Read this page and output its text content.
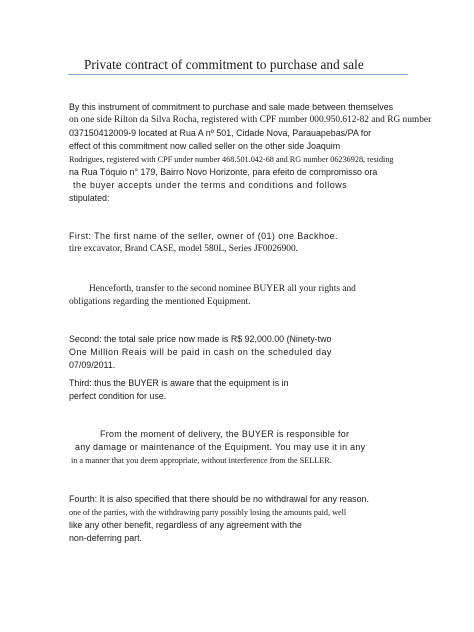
Private contract of commitment to purchase and sale
By this instrument of commitment to purchase and sale made between themselves
on one side Rilton da Silva Rocha, registered with CPF number 000.950.612-82 and RG number
037150412009-9 located at Rua A nº 501, Cidade Nova, Parauapebas/PA for
effect of this commitment now called seller on the other side Joaquim
Rodrigues, registered with CPF under number 468.501.042-68 and RG number 06236928, residing
na Rua Tóquio n° 179, Bairro Novo Horizonte, para efeito de compromisso ora
the buyer accepts under the terms and conditions and follows
stipulated:
First: The first name of the seller, owner of (01) one Backhoe.
tire excavator, Brand CASE, model 580L, Series JF0026900.
Henceforth, transfer to the second nominee BUYER all your rights and
obligations regarding the mentioned Equipment.
Second: the total sale price now made is R$ 92,000.00 (Ninety-two
One Million Reais will be paid in cash on the scheduled day
07/09/2011.
Third: thus the BUYER is aware that the equipment is in
perfect condition for use.
From the moment of delivery, the BUYER is responsible for
any damage or maintenance of the Equipment. You may use it in any
in a manner that you deem appropriate, without interference from the SELLER.
Fourth: It is also specified that there should be no withdrawal for any reason.
one of the parties, with the withdrawing party possibly losing the amounts paid, well
like any other benefit, regardless of any agreement with the
non-deferring part.
